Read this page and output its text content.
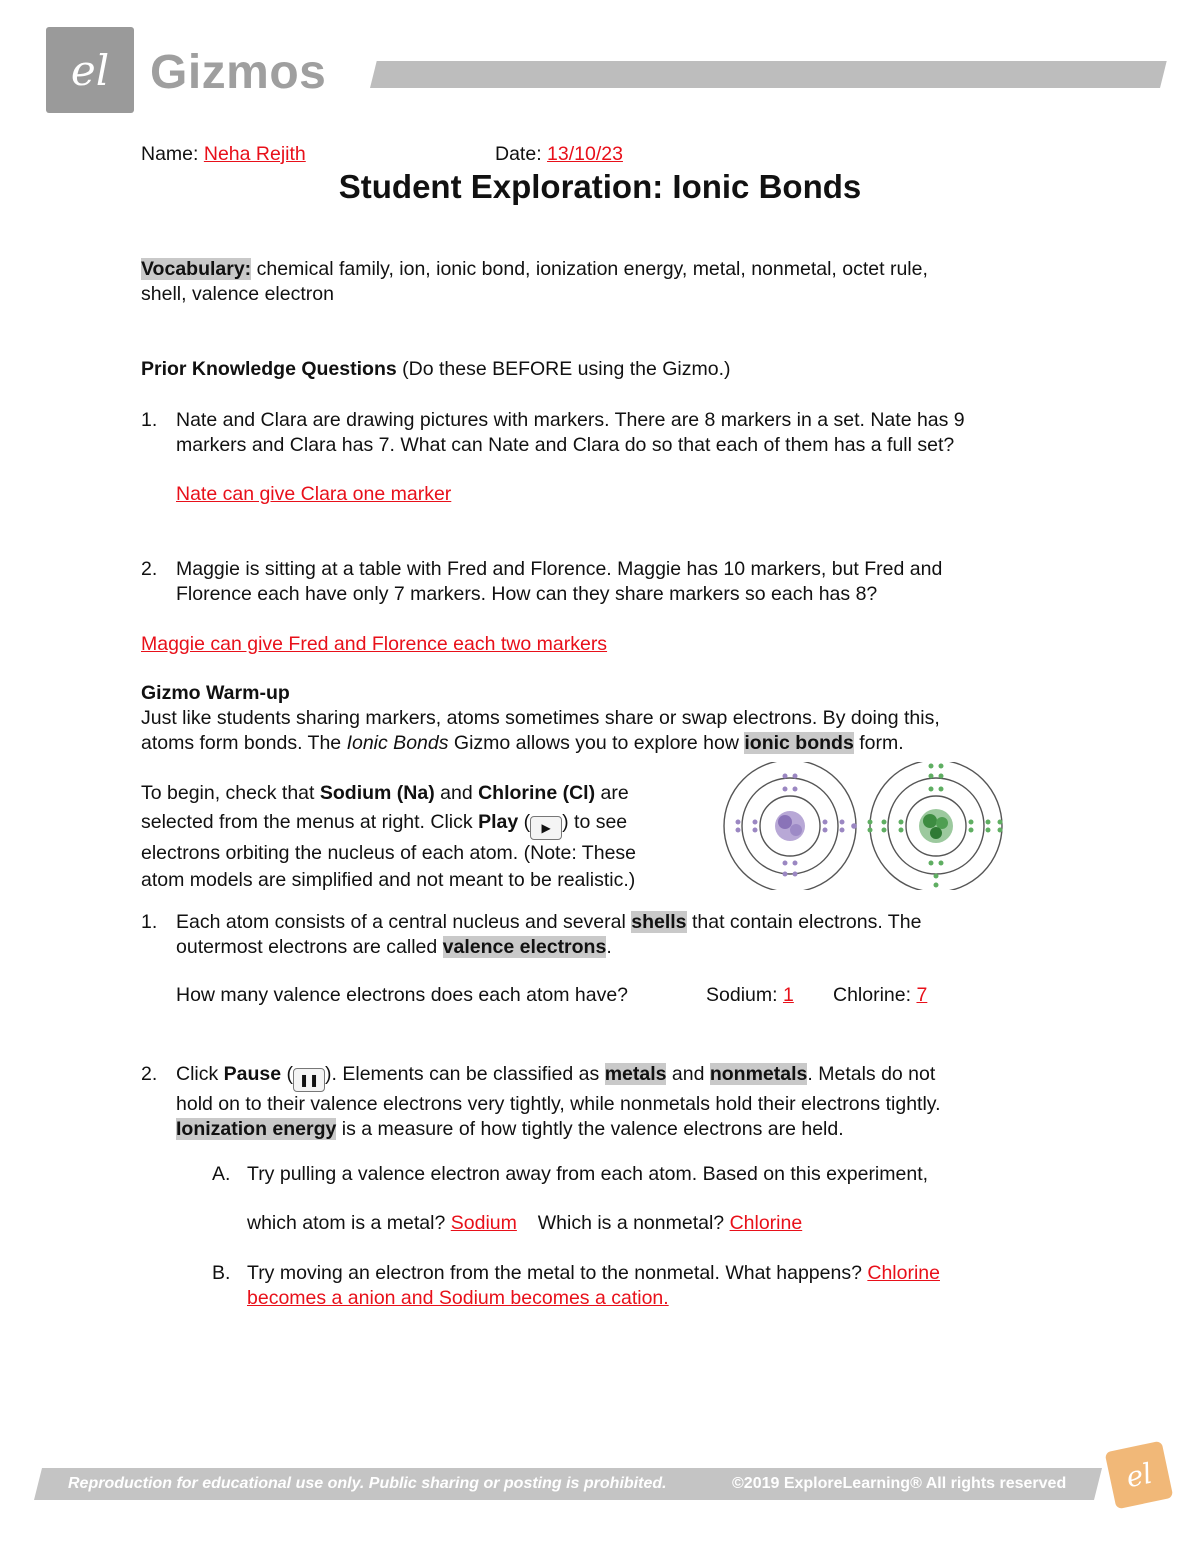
el Gizmos
Name: Neha Rejith	Date: 13/10/23
Student Exploration: Ionic Bonds
Vocabulary: chemical family, ion, ionic bond, ionization energy, metal, nonmetal, octet rule,
shell, valence electron
Prior Knowledge Questions (Do these BEFORE using the Gizmo.)
1. Nate and Clara are drawing pictures with markers. There are 8 markers in a set. Nate has 9
markers and Clara has 7. What can Nate and Clara do so that each of them has a full set?
Nate can give Clara one marker
2. Maggie is sitting at a table with Fred and Florence. Maggie has 10 markers, but Fred and
Florence each have only 7 markers. How can they share markers so each has 8?
Maggie can give Fred and Florence each two markers
Gizmo Warm-up
Just like students sharing markers, atoms sometimes share or swap electrons. By doing this,
atoms form bonds. The Ionic Bonds Gizmo allows you to explore how ionic bonds form.
To begin, check that Sodium (Na) and Chlorine (Cl) are
selected from the menus at right. Click Play ( ▶ ) to see
electrons orbiting the nucleus of each atom. (Note: These
atom models are simplified and not meant to be realistic.)
1. Each atom consists of a central nucleus and several shells that contain electrons. The
outermost electrons are called valence electrons.
How many valence electrons does each atom have?	Sodium: 1 Chlorine: 7
2. Click Pause ( ❚❚ ). Elements can be classified as metals and nonmetals. Metals do not
hold on to their valence electrons very tightly, while nonmetals hold their electrons tightly.
Ionization energy is a measure of how tightly the valence electrons are held.
A. Try pulling a valence electron away from each atom. Based on this experiment,
which atom is a metal? Sodium Which is a nonmetal? Chlorine
B. Try moving an electron from the metal to the nonmetal. What happens? Chlorine
becomes a anion and Sodium becomes a cation.
Reproduction for educational use only. Public sharing or posting is prohibited.	©2019 ExploreLearning® All rights reserved el
